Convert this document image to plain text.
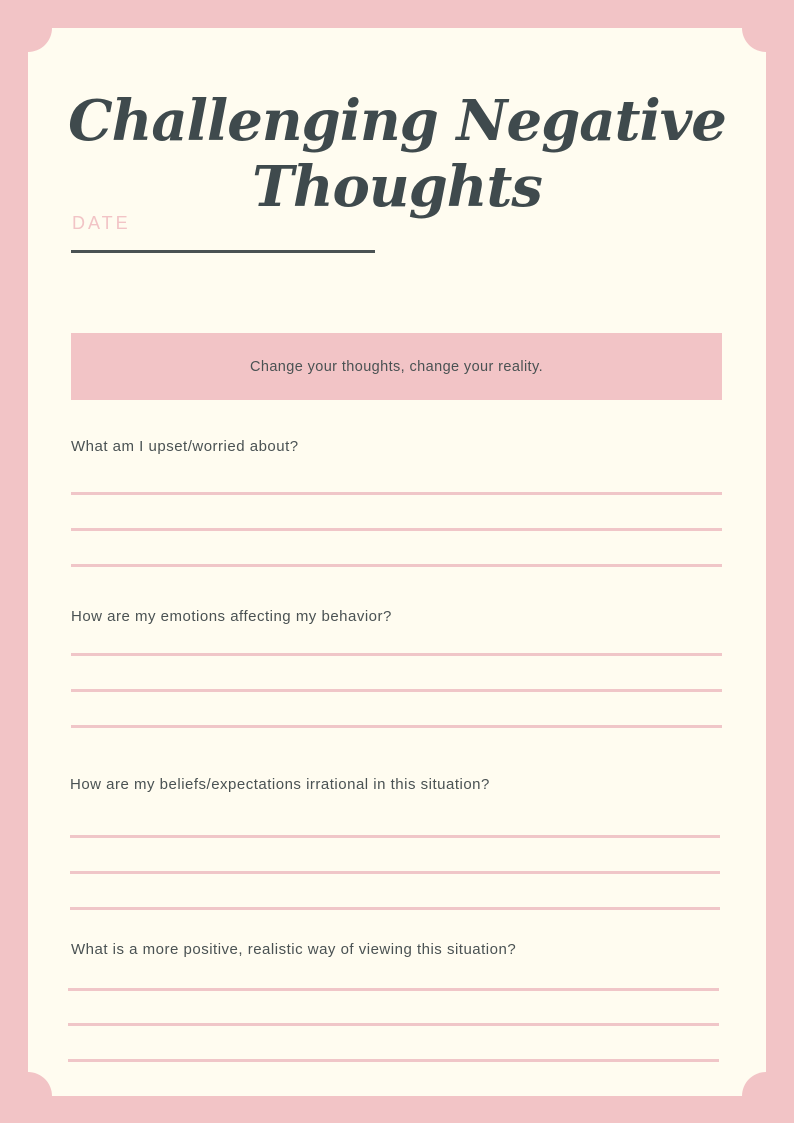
Challenging Negative Thoughts
DATE
Change your thoughts, change your reality.
What am I upset/worried about?
How are my emotions affecting my behavior?
How are my beliefs/expectations irrational in this situation?
What is a more positive, realistic way of viewing this situation?
